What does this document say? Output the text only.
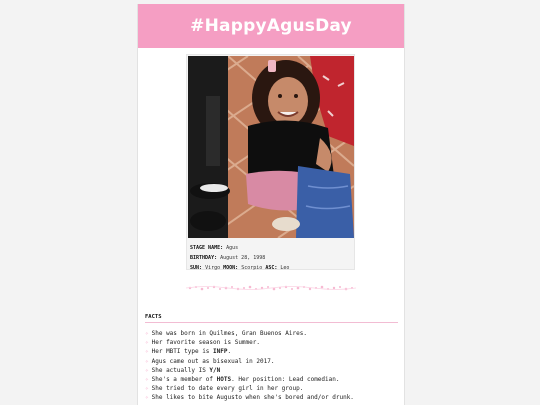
#HappyAgusDay
STAGE NAME: Agus
BIRTHDAY: August 28, 1998
SUN: Virgo MOON: Scorpio ASC: Leo
FACTS
✧ She was born in Quilmes, Gran Buenos Aires.
✧ Her favorite season is Summer.
✧ Her MBTI type is INFP.
✧ Agus came out as bisexual in 2017.
✧ She actually IS Y/N
✧ She's a member of HOTS. Her position: Lead comedian.
✧ She tried to date every girl in her group.
✧ She likes to bite Augusto when she's bored and/or drunk.
